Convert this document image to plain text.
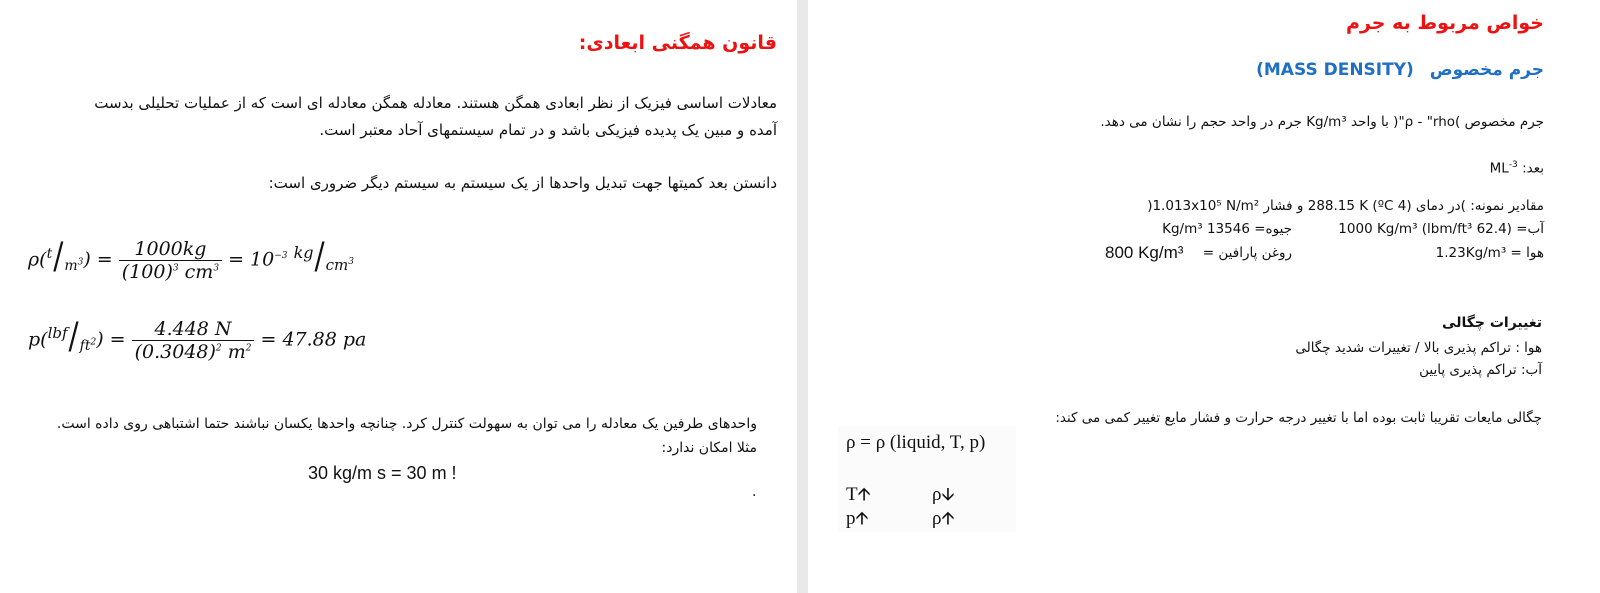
قانون همگنی ابعادی:
معادلات اساسی فیزیک از نظر ابعادی همگن هستند. معادله همگن معادله ای است که از عملیات تحلیلی بدست
آمده و مبین یک پدیده فیزیکی باشد و در تمام سیستمهای آحاد معتبر است.
دانستن بعد کمیتها جهت تبدیل واحدها از یک سیستم به سیستم دیگر ضروری است:
$\rho(^t/_{m^3}) = \frac{1000kg}{(100)^3 cm^3} = 10^{-3}$ $^{kg}/_{cm^3}$
$p(^{lbf}/_{ft^2}) = \frac{4.448 N}{(0.3048)^2 m^2} = 47.88$ pa
واحدهای طرفین یک معادله را می توان به سهولت کنترل کرد. چنانچه واحدها یکسان نباشند حتما اشتباهی روی داده است.
مثلا امکان ندارد:
30 kg/m s = 30 m !
.
خواص مربوط به جرم
(MASS DENSITY) جرم مخصوص
جرم مخصوص )ρ - "rho"( با واحد Kg/m³ جرم در واحد حجم را نشان می دهد.
بعد: $ML^{-3}$
مقادیر نمونه: )در دمای (4 ºC) 288.15 K و فشار 1.013x10⁵ N/m²(
آب= (62.4 lbm/ft³) 1000 Kg/m³
جیوه= 13546 Kg/m³
هوا = 1.23Kg/m³
روغن پارافین =
800 Kg/m³
تغییرات چگالی
هوا : تراکم پذیری بالا / تغییرات شدید چگالی
آب: تراکم پذیری پایین
چگالی مایعات تقریبا ثابت بوده اما با تغییر درجه حرارت و فشار مایع تغییر کمی می کند:
ρ = ρ (liquid, T, p)
T🡩	ρ🡫
p🡩	ρ🡩
